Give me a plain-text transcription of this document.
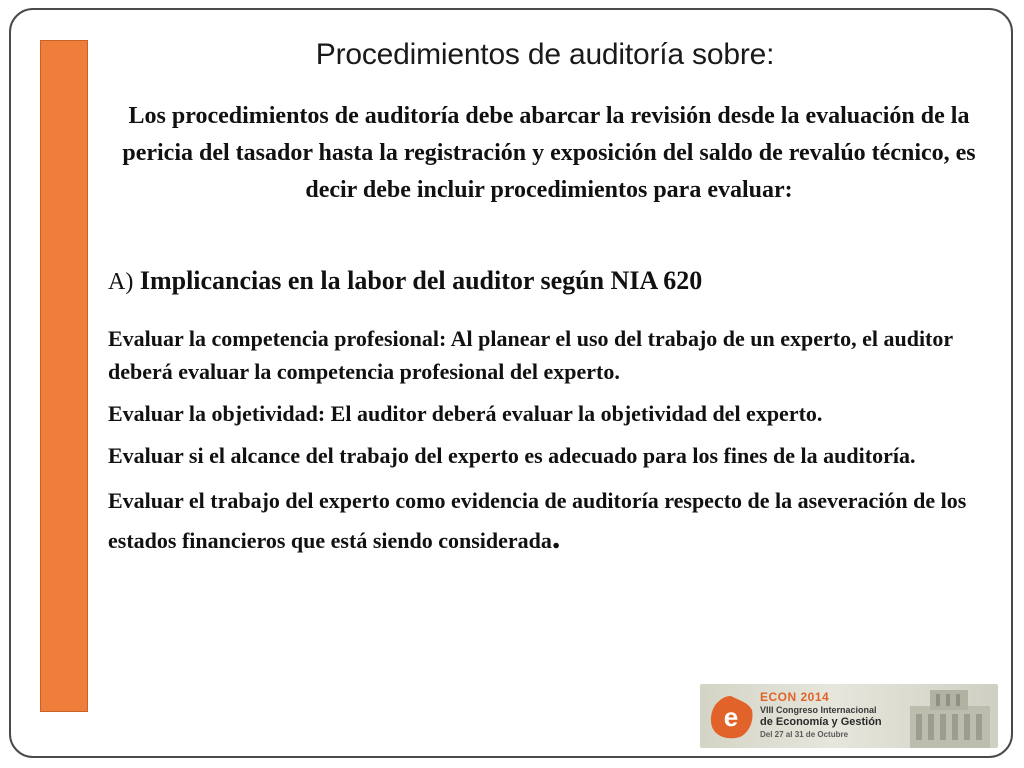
Procedimientos de auditoría sobre:

Los procedimientos de auditoría debe abarcar la revisión desde la evaluación de la pericia del tasador hasta la registración y exposición del saldo de revalúo técnico, es decir debe incluir procedimientos para evaluar:

A) Implicancias en la labor del auditor según NIA 620

Evaluar la competencia profesional: Al planear el uso del trabajo de un experto, el auditor deberá evaluar la competencia profesional del experto.

Evaluar la objetividad: El auditor deberá evaluar la objetividad del experto.

Evaluar si el alcance del trabajo del experto es adecuado para los fines de la auditoría.

Evaluar el trabajo del experto como evidencia de auditoría respecto de la aseveración de los estados financieros que está siendo considerada.

e
ECON 2014
VIII Congreso Internacional
de Economía y Gestión
Del 27 al 31 de Octubre
